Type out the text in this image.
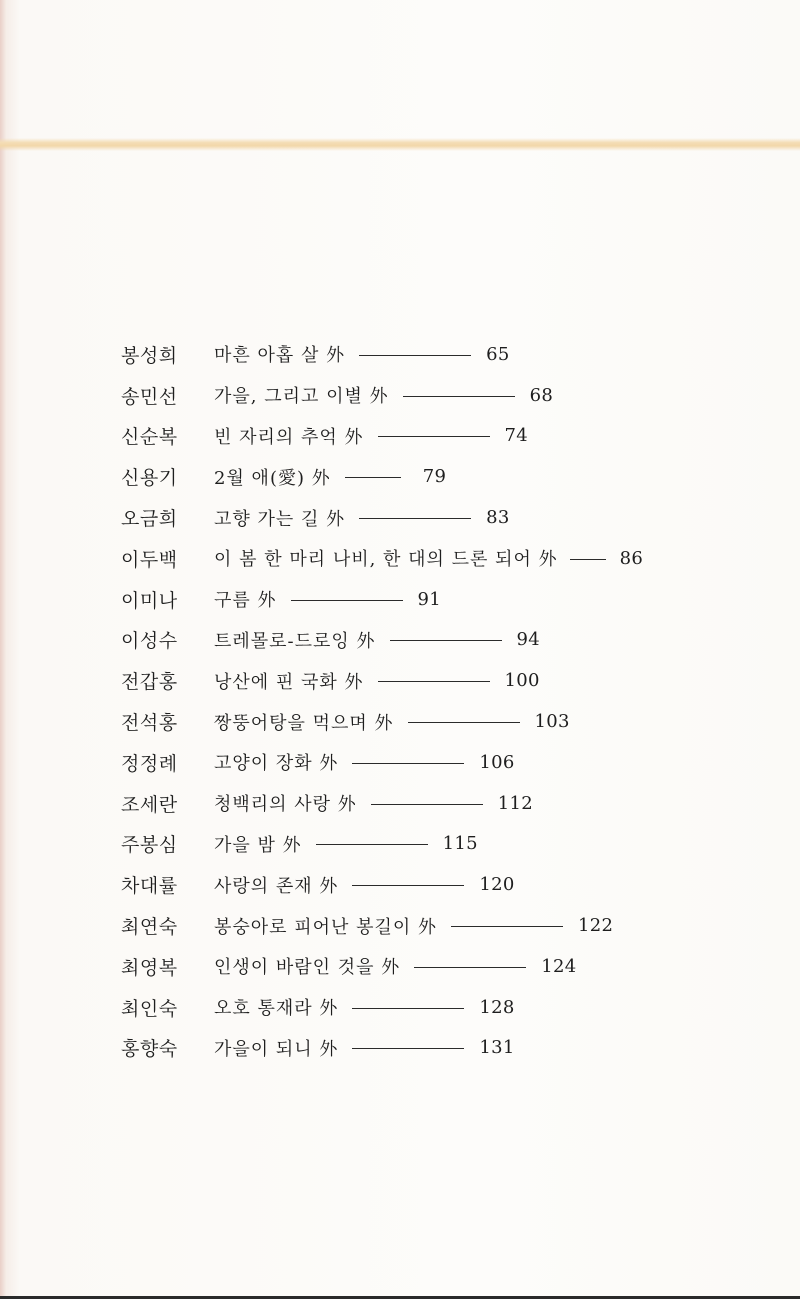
봉성희	마흔 아홉 살 外	65
송민선	가을, 그리고 이별 外	68
신순복	빈 자리의 추억 外	74
신용기	2월 애(愛) 外	79
오금희	고향 가는 길 外	83
이두백	이 봄 한 마리 나비, 한 대의 드론 되어 外	86
이미나	구름 外	91
이성수	트레몰로-드로잉 外	94
전갑홍	낭산에 핀 국화 外	100
전석홍	짱뚱어탕을 먹으며 外	103
정정례	고양이 장화 外	106
조세란	청백리의 사랑 外	112
주봉심	가을 밤 外	115
차대률	사랑의 존재 外	120
최연숙	봉숭아로 피어난 봉길이 外	122
최영복	인생이 바람인 것을 外	124
최인숙	오호 통재라 外	128
홍향숙	가을이 되니 外	131
